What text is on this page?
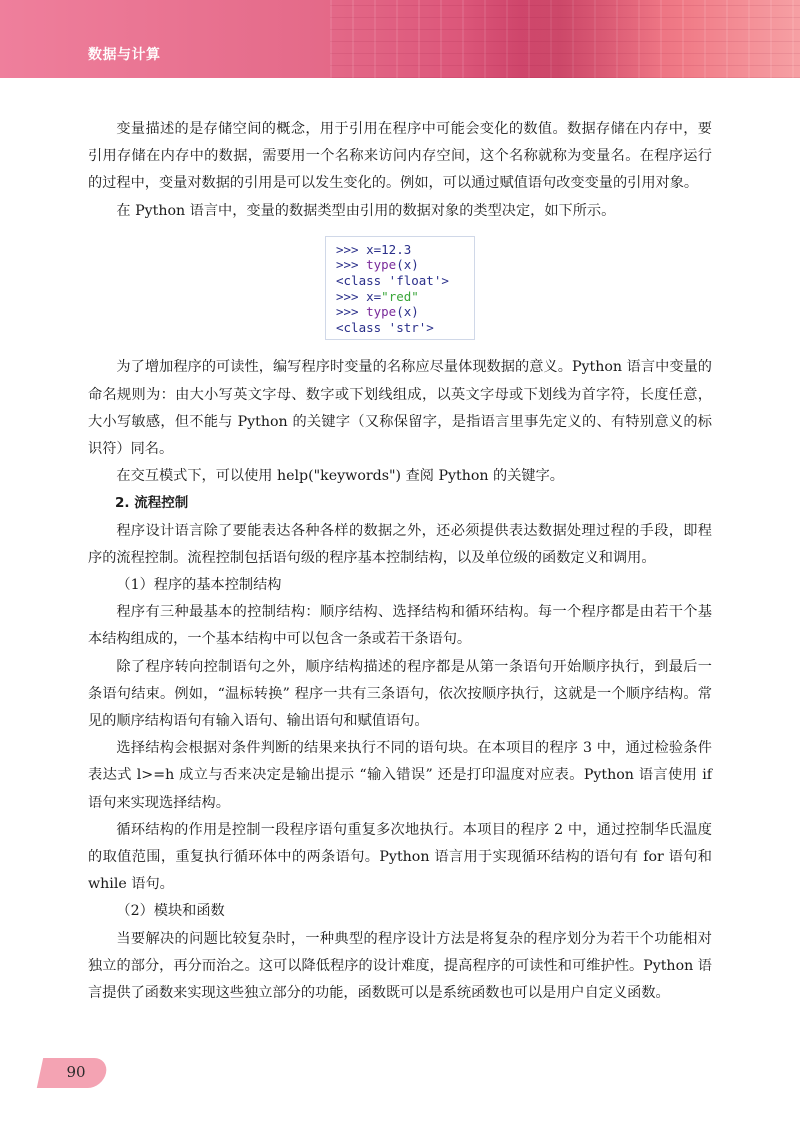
数据与计算

变量描述的是存储空间的概念，用于引用在程序中可能会变化的数值。数据存储在内存中，要引用存储在内存中的数据，需要用一个名称来访问内存空间，这个名称就称为变量名。在程序运行的过程中，变量对数据的引用是可以发生变化的。例如，可以通过赋值语句改变变量的引用对象。

在 Python 语言中，变量的数据类型由引用的数据对象的类型决定，如下所示。

>>> x=12.3
>>> type(x)
<class 'float'>
>>> x="red"
>>> type(x)
<class 'str'>

为了增加程序的可读性，编写程序时变量的名称应尽量体现数据的意义。Python 语言中变量的命名规则为：由大小写英文字母、数字或下划线组成，以英文字母或下划线为首字符，长度任意，大小写敏感，但不能与 Python 的关键字（又称保留字，是指语言里事先定义的、有特别意义的标识符）同名。

在交互模式下，可以使用 help("keywords") 查阅 Python 的关键字。

2. 流程控制

程序设计语言除了要能表达各种各样的数据之外，还必须提供表达数据处理过程的手段，即程序的流程控制。流程控制包括语句级的程序基本控制结构，以及单位级的函数定义和调用。

（1）程序的基本控制结构

程序有三种最基本的控制结构：顺序结构、选择结构和循环结构。每一个程序都是由若干个基本结构组成的，一个基本结构中可以包含一条或若干条语句。

除了程序转向控制语句之外，顺序结构描述的程序都是从第一条语句开始顺序执行，到最后一条语句结束。例如，“温标转换” 程序一共有三条语句，依次按顺序执行，这就是一个顺序结构。常见的顺序结构语句有输入语句、输出语句和赋值语句。

选择结构会根据对条件判断的结果来执行不同的语句块。在本项目的程序 3 中，通过检验条件表达式 l>=h 成立与否来决定是输出提示 “输入错误” 还是打印温度对应表。Python 语言使用 if 语句来实现选择结构。

循环结构的作用是控制一段程序语句重复多次地执行。本项目的程序 2 中，通过控制华氏温度的取值范围，重复执行循环体中的两条语句。Python 语言用于实现循环结构的语句有 for 语句和 while 语句。

（2）模块和函数

当要解决的问题比较复杂时，一种典型的程序设计方法是将复杂的程序划分为若干个功能相对独立的部分，再分而治之。这可以降低程序的设计难度，提高程序的可读性和可维护性。Python 语言提供了函数来实现这些独立部分的功能，函数既可以是系统函数也可以是用户自定义函数。

90
